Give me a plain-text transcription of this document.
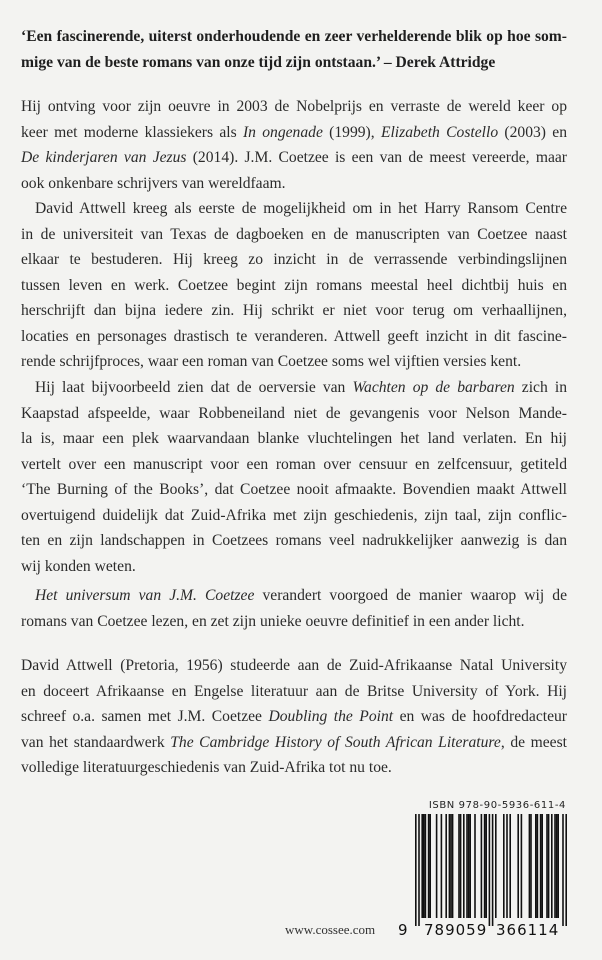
‘Een fascinerende, uiterst onderhoudende en zeer verhelderende blik op hoe som-
mige van de beste romans van onze tijd zijn ontstaan.’ – Derek Attridge
Hij ontving voor zijn oeuvre in 2003 de Nobelprijs en verraste de wereld keer op
keer met moderne klassiekers als In ongenade (1999), Elizabeth Costello (2003) en
De kinderjaren van Jezus (2014). J.M. Coetzee is een van de meest vereerde, maar
ook onkenbare schrijvers van wereldfaam.
David Attwell kreeg als eerste de mogelijkheid om in het Harry Ransom Centre
in de universiteit van Texas de dagboeken en de manuscripten van Coetzee naast
elkaar te bestuderen. Hij kreeg zo inzicht in de verrassende verbindingslijnen
tussen leven en werk. Coetzee begint zijn romans meestal heel dichtbij huis en
herschrijft dan bijna iedere zin. Hij schrikt er niet voor terug om verhaallijnen,
locaties en personages drastisch te veranderen. Attwell geeft inzicht in dit fascine-
rende schrijfproces, waar een roman van Coetzee soms wel vijftien versies kent.
Hij laat bijvoorbeeld zien dat de oerversie van Wachten op de barbaren zich in
Kaapstad afspeelde, waar Robbeneiland niet de gevangenis voor Nelson Mande-
la is, maar een plek waarvandaan blanke vluchtelingen het land verlaten. En hij
vertelt over een manuscript voor een roman over censuur en zelfcensuur, getiteld
‘The Burning of the Books’, dat Coetzee nooit afmaakte. Bovendien maakt Attwell
overtuigend duidelijk dat Zuid-Afrika met zijn geschiedenis, zijn taal, zijn conflic-
ten en zijn landschappen in Coetzees romans veel nadrukkelijker aanwezig is dan
wij konden weten.
Het universum van J.M. Coetzee verandert voorgoed de manier waarop wij de
romans van Coetzee lezen, en zet zijn unieke oeuvre definitief in een ander licht.
David Attwell (Pretoria, 1956) studeerde aan de Zuid-Afrikaanse Natal University
en doceert Afrikaanse en Engelse literatuur aan de Britse University of York. Hij
schreef o.a. samen met J.M. Coetzee Doubling the Point en was de hoofdredacteur
van het standaardwerk The Cambridge History of South African Literature, de meest
volledige literatuurgeschiedenis van Zuid-Afrika tot nu toe.
ISBN 978-90-5936-611-4
9 789059 366114
www.cossee.com
